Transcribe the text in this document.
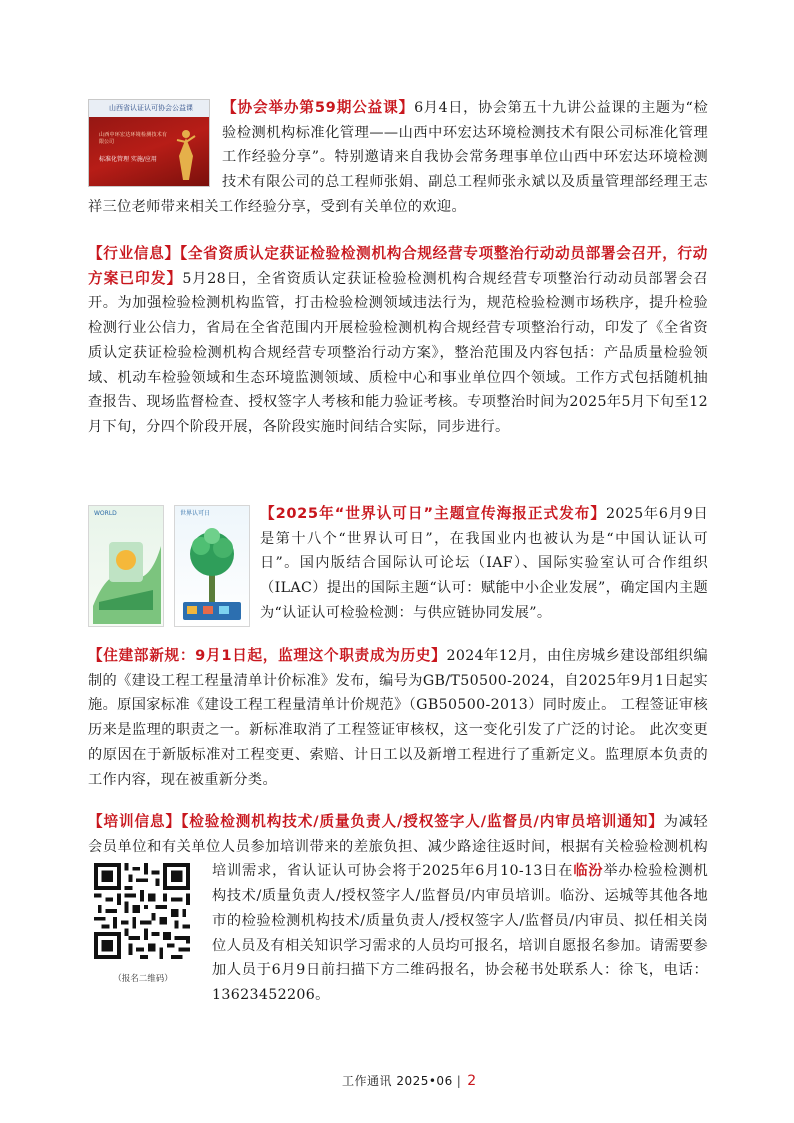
【协会举办第59期公益课】
山西省认证认可协会公益课
山西中环宏达环境检测技术有限公司
标准化管理 实施/应用
6月4日，协会第五十九讲公益课的主题为“检验检测机构标准化管理——山西中环宏达环境检测技术有限公司标准化管理工作经验分享”。特别邀请来自我协会常务理事单位山西中环宏达环境检测技术有限公司的总工程师张娟、副总工程师张永斌以及质量管理部经理王志祥三位老师带来相关工作经验分享，受到有关单位的欢迎。
【行业信息】【全省资质认定获证检验检测机构合规经营专项整治行动动员部署会召开，行动方案已印发】5月28日，全省资质认定获证检验检测机构合规经营专项整治行动动员部署会召开。为加强检验检测机构监管，打击检验检测领域违法行为，规范检验检测市场秩序，提升检验检测行业公信力，省局在全省范围内开展检验检测机构合规经营专项整治行动，印发了《全省资质认定获证检验检测机构合规经营专项整治行动方案》，整治范围及内容包括：产品质量检验领域、机动车检验领域和生态环境监测领域、质检中心和事业单位四个领域。工作方式包括随机抽查报告、现场监督检查、授权签字人考核和能力验证考核。专项整治时间为2025年5月下旬至12月下旬，分四个阶段开展，各阶段实施时间结合实际，同步进行。
【2025年“世界认可日”主题宣传海报正式发布】
WORLD	世界认可日	2025年6月9日是第十八个“世界认可日”，在我国业内也被认为是“中国认证认可日”。国内版结合国际认可论坛（IAF）、国际实验室认可合作组织（ILAC）提出的国际主题“认可：赋能中小企业发展”，确定国内主题为“认证认可检验检测：与供应链协同发展”。
【住建部新规：9月1日起，监理这个职责成为历史】2024年12月，由住房城乡建设部组织编制的《建设工程工程量清单计价标准》发布，编号为GB/T50500-2024，自2025年9月1日起实施。原国家标准《建设工程工程量清单计价规范》（GB50500-2013）同时废止。 工程签证审核历来是监理的职责之一。新标准取消了工程签证审核权，这一变化引发了广泛的讨论。 此次变更的原因在于新版标准对工程变更、索赔、计日工以及新增工程进行了重新定义。监理原本负责的工作内容，现在被重新分类。
【培训信息】【检验检测机构技术/质量负责人/授权签字人/监督员/内审员培训通知】为减轻会员单位和有关单位人员参加培训带来的差旅负担、减少路途往返时间，根据有关检验检测机构培训需求，省认证认可协会将于2025年6月10-13日在临汾
（报名二维码）
举办检验检测机构技术/质量负责人/授权签字人/监督员/内审员培训。临汾、运城等其他各地市的检验检测机构技术/质量负责人/授权签字人/监督员/内审员、拟任相关岗位人员及有相关知识学习需求的人员均可报名，培训自愿报名参加。请需要参加人员于6月9日前扫描下方二维码报名，协会秘书处联系人：徐飞，电话：13623452206。
工作通讯 2025•06 | 2
